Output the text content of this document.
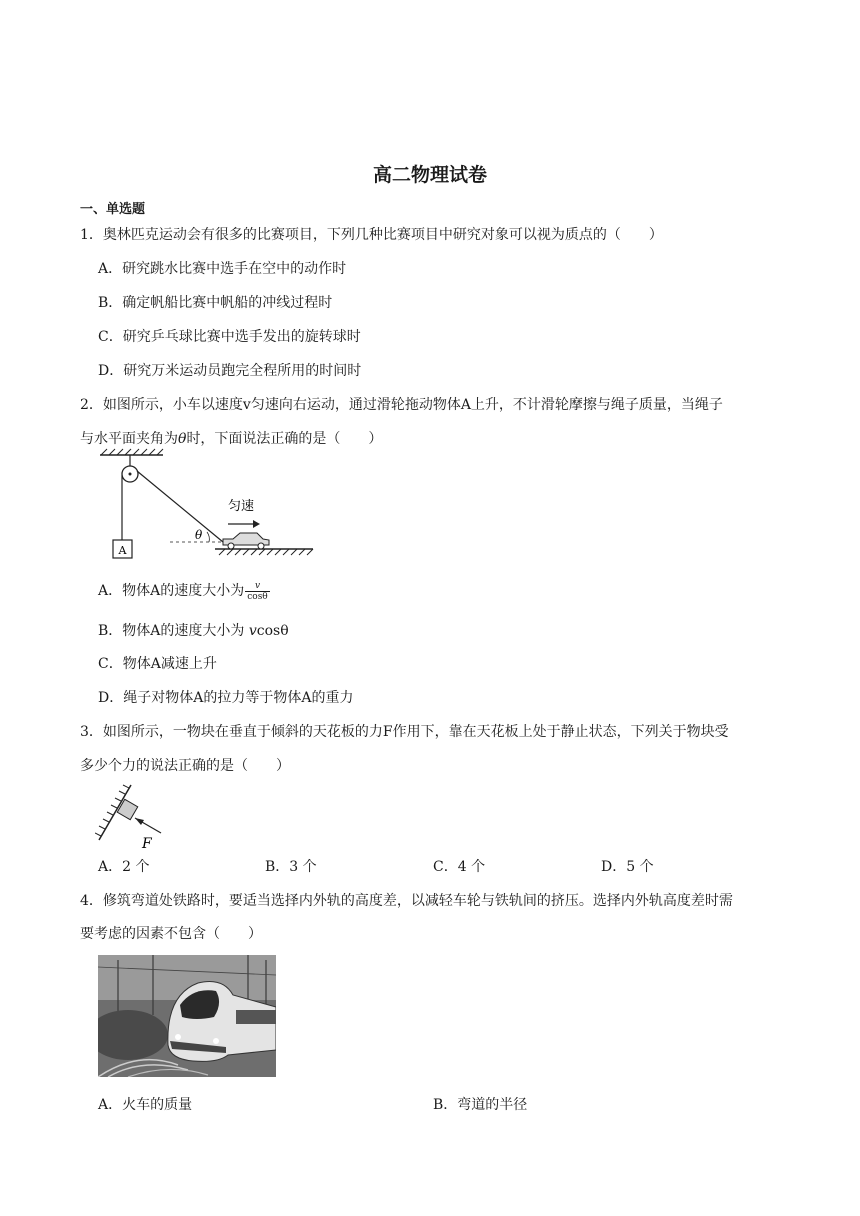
高二物理试卷
一、单选题
1．奥林匹克运动会有很多的比赛项目，下列几种比赛项目中研究对象可以视为质点的（　　）
A．研究跳水比赛中选手在空中的动作时
B．确定帆船比赛中帆船的冲线过程时
C．研究乒乓球比赛中选手发出的旋转球时
D．研究万米运动员跑完全程所用的时间时
2．如图所示，小车以速度v匀速向右运动，通过滑轮拖动物体A上升，不计滑轮摩擦与绳子质量，当绳子
与水平面夹角为θ时，下面说法正确的是（　　）
A
θ
匀速
A．物体A的速度大小为 $\frac{v}{\cos\theta}$
B．物体A的速度大小为 vcosθ
C．物体A减速上升
D．绳子对物体A的拉力等于物体A的重力
3．如图所示，一物块在垂直于倾斜的天花板的力F作用下，靠在天花板上处于静止状态，下列关于物块受
多少个力的说法正确的是（　　）
F
A．2 个	B．3 个	C．4 个	D．5 个
4．修筑弯道处铁路时，要适当选择内外轨的高度差，以减轻车轮与铁轨间的挤压。选择内外轨高度差时需
要考虑的因素不包含（　　）
A．火车的质量	B．弯道的半径
